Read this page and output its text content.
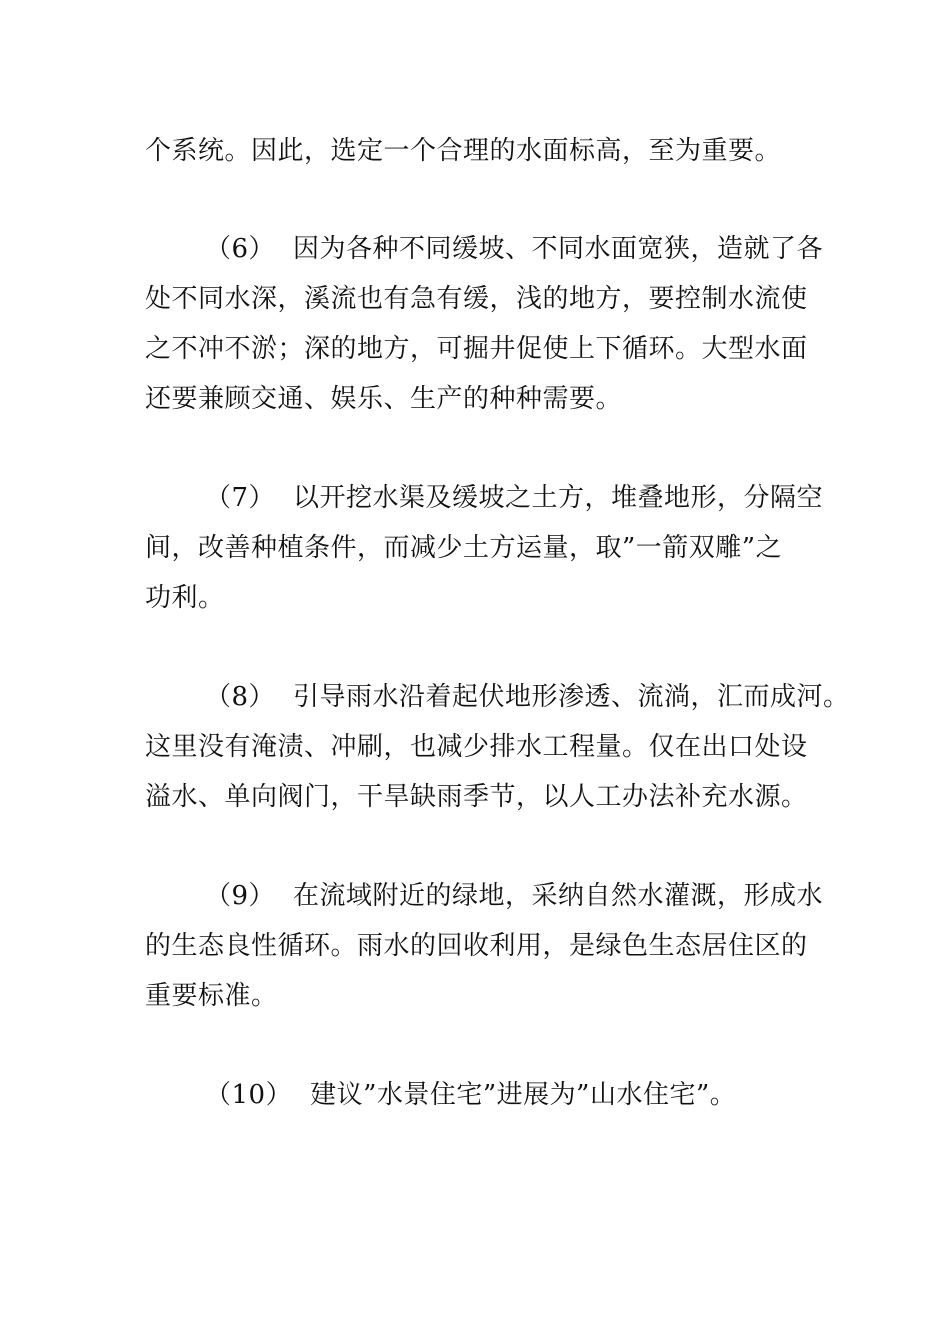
个系统。因此，选定一个合理的水面标高，至为重要。
（6） 因为各种不同缓坡、不同水面宽狭，造就了各
处不同水深，溪流也有急有缓，浅的地方，要控制水流使
之不冲不淤；深的地方，可掘井促使上下循环。大型水面
还要兼顾交通、娱乐、生产的种种需要。
（7） 以开挖水渠及缓坡之土方，堆叠地形，分隔空
间，改善种植条件，而减少土方运量，取”一箭双雕”之
功利。
（8） 引导雨水沿着起伏地形渗透、流淌，汇而成河。
这里没有淹渍、冲刷，也减少排水工程量。仅在出口处设
溢水、单向阀门，干旱缺雨季节，以人工办法补充水源。
（9） 在流域附近的绿地，采纳自然水灌溉，形成水
的生态良性循环。雨水的回收利用，是绿色生态居住区的
重要标准。
（10） 建议”水景住宅”进展为”山水住宅”。
